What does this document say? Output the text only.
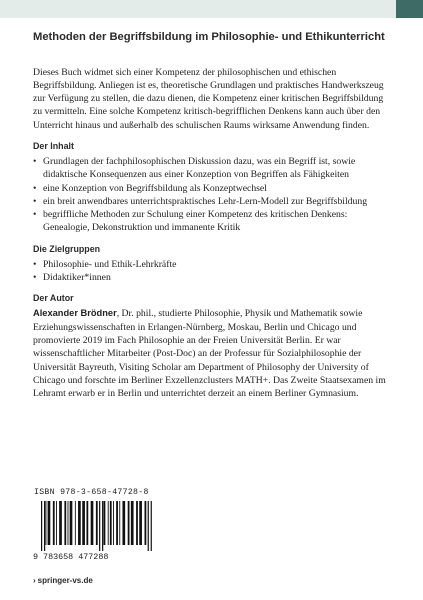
Methoden der Begriffsbildung im Philosophie- und Ethikunterricht

Dieses Buch widmet sich einer Kompetenz der philosophischen und ethischen Begriffsbildung. Anliegen ist es, theoretische Grundlagen und praktisches Handwerkszeug zur Verfügung zu stellen, die dazu dienen, die Kompetenz einer kritischen Begriffsbildung zu vermitteln. Eine solche Kompetenz kritisch-begrifflichen Denkens kann auch über den Unterricht hinaus und außerhalb des schulischen Raums wirksame Anwendung finden.

Der Inhalt
• Grundlagen der fachphilosophischen Diskussion dazu, was ein Begriff ist, sowie didaktische Konsequenzen aus einer Konzeption von Begriffen als Fähigkeiten
• eine Konzeption von Begriffsbildung als Konzeptwechsel
• ein breit anwendbares unterrichtspraktisches Lehr-Lern-Modell zur Begriffsbildung
• begriffliche Methoden zur Schulung einer Kompetenz des kritischen Denkens: Genealogie, Dekonstruktion und immanente Kritik
Die Zielgruppen
• Philosophie- und Ethik-Lehrkräfte
• Didaktiker*innen
Der Autor

Alexander Brödner, Dr. phil., studierte Philosophie, Physik und Mathematik sowie Erziehungswissenschaften in Erlangen-Nürnberg, Moskau, Berlin und Chicago und promovierte 2019 im Fach Philosophie an der Freien Universität Berlin. Er war wissenschaftlicher Mitarbeiter (Post-Doc) an der Professur für Sozialphilosophie der Universität Bayreuth, Visiting Scholar am Department of Philosophy der University of Chicago und forschte im Berliner Exzellenzclusters MATH+. Das Zweite Staatsexamen im Lehramt erwarb er in Berlin und unterrichtet derzeit an einem Berliner Gymnasium.

ISBN 978-3-658-47728-8
9 783658 477288
› springer-vs.de
